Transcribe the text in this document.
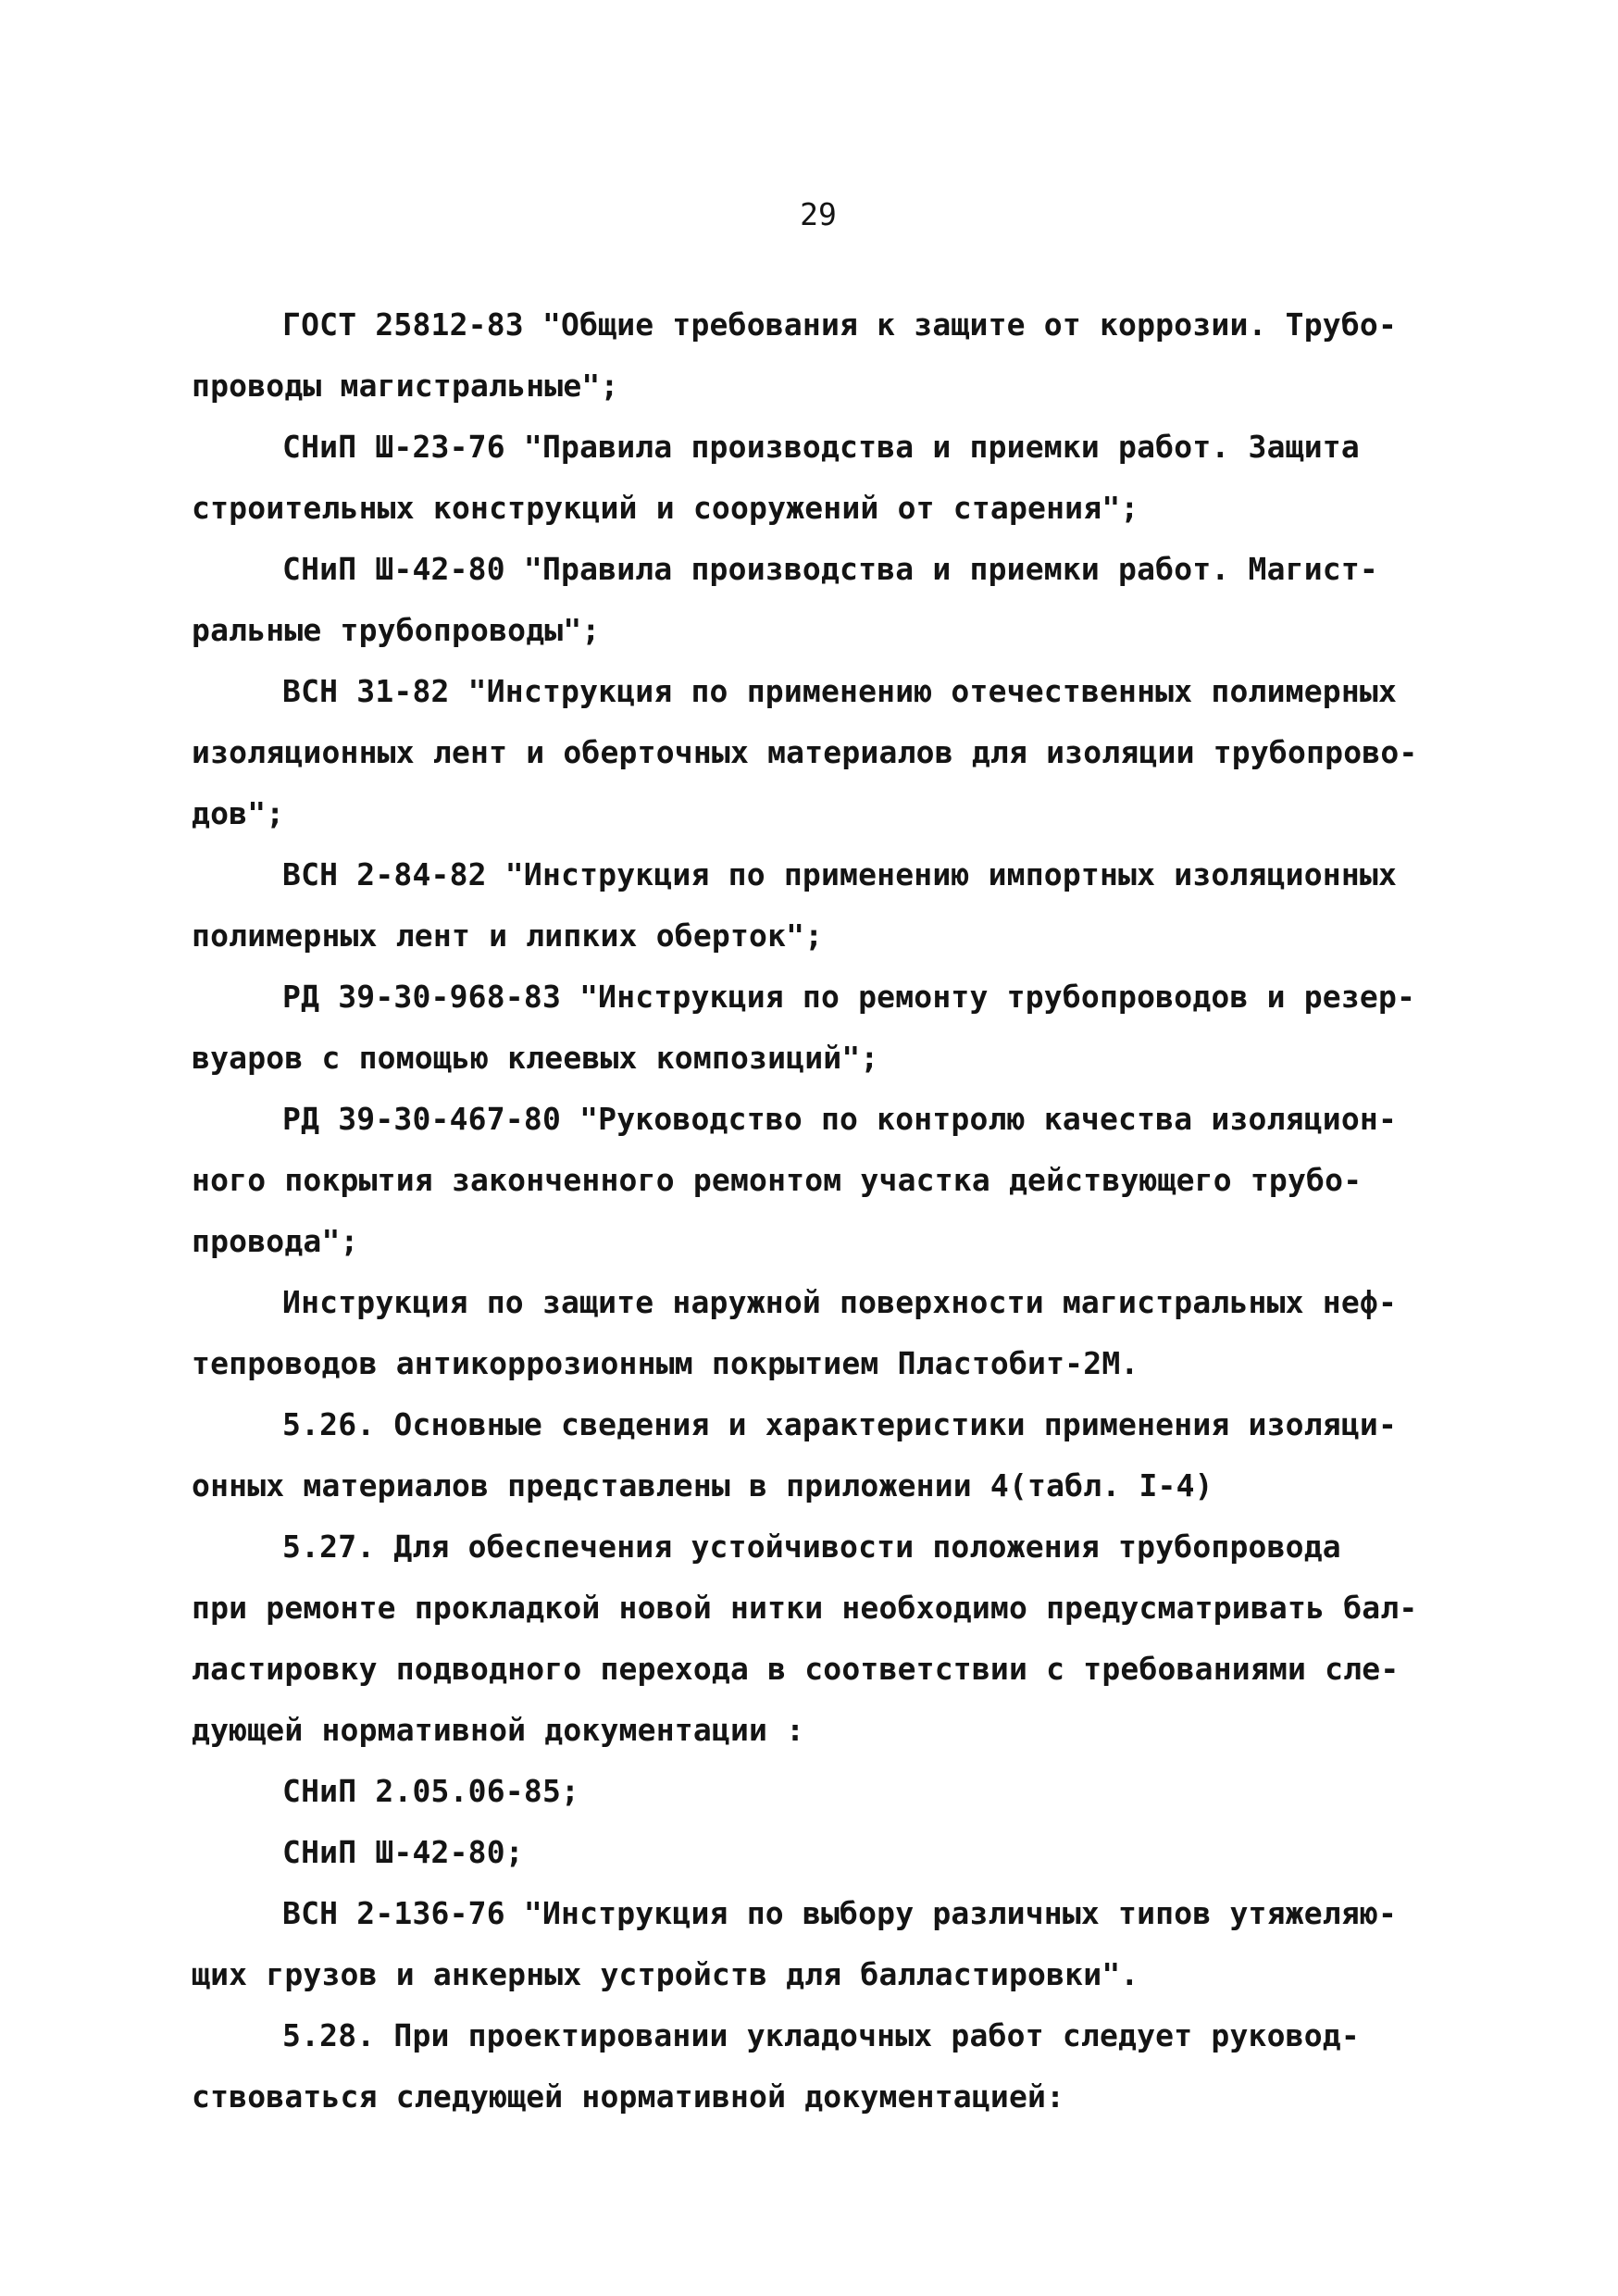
29
ГОСТ 25812-83 "Общие требования к защите от коррозии. Трубо-
проводы магистральные";
СНиП Ш-23-76 "Правила производства и приемки работ. Защита
строительных конструкций и сооружений от старения";
СНиП Ш-42-80 "Правила производства и приемки работ. Магист-
ральные трубопроводы";
ВСН 31-82 "Инструкция по применению отечественных полимерных
изоляционных лент и оберточных материалов для изоляции трубопрово-
дов";
ВСН 2-84-82 "Инструкция по применению импортных изоляционных
полимерных лент и липких оберток";
РД 39-30-968-83 "Инструкция по ремонту трубопроводов и резер-
вуаров с помощью клеевых композиций";
РД 39-30-467-80 "Руководство по контролю качества изоляцион-
ного покрытия законченного ремонтом участка действующего трубо-
провода";
Инструкция по защите наружной поверхности магистральных неф-
тепроводов антикоррозионным покрытием Пластобит-2М.
5.26. Основные сведения и характеристики применения изоляци-
онных материалов представлены в приложении 4(табл. I-4)
5.27. Для обеспечения устойчивости положения трубопровода
при ремонте прокладкой новой нитки необходимо предусматривать бал-
ластировку подводного перехода в соответствии с требованиями сле-
дующей нормативной документации :
СНиП 2.05.06-85;
СНиП Ш-42-80;
ВСН 2-136-76 "Инструкция по выбору различных типов утяжеляю-
щих грузов и анкерных устройств для балластировки".
5.28. При проектировании укладочных работ следует руковод-
ствоваться следующей нормативной документацией:
